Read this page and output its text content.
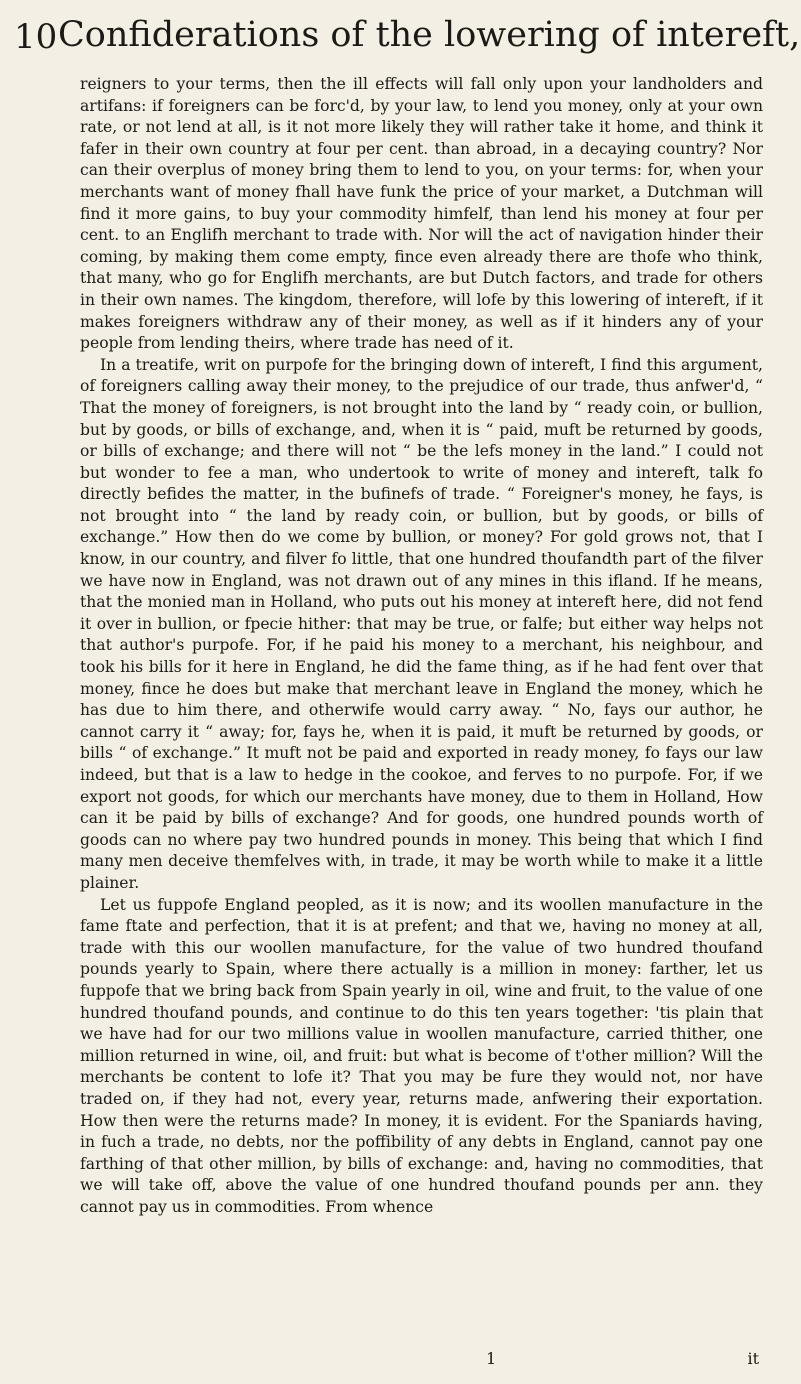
10 Confiderations of the lowering of intereft,

reigners to your terms, then the ill effects will fall only upon your landholders and artifans: if foreigners can be forc'd, by your law, to lend you money, only at your own rate, or not lend at all, is it not more likely they will rather take it home, and think it fafer in their own country at four per cent. than abroad, in a decaying country? Nor can their overplus of money bring them to lend to you, on your terms: for, when your merchants want of money fhall have funk the price of your market, a Dutchman will find it more gains, to buy your commodity himfelf, than lend his money at four per cent. to an Englifh merchant to trade with. Nor will the act of navigation hinder their coming, by making them come empty, fince even already there are thofe who think, that many, who go for Englifh merchants, are but Dutch factors, and trade for others in their own names. The kingdom, therefore, will lofe by this lowering of intereft, if it makes foreigners withdraw any of their money, as well as if it hinders any of your people from lending theirs, where trade has need of it.

In a treatife, writ on purpofe for the bringing down of intereft, I find this argument, of foreigners calling away their money, to the prejudice of our trade, thus anfwer'd, “ That the money of foreigners, is not brought into the land by “ ready coin, or bullion, but by goods, or bills of exchange, and, when it is “ paid, muft be returned by goods, or bills of exchange; and there will not “ be the lefs money in the land.” I could not but wonder to fee a man, who undertook to write of money and intereft, talk fo directly befides the matter, in the bufinefs of trade. “ Foreigner's money, he fays, is not brought into “ the land by ready coin, or bullion, but by goods, or bills of exchange.” How then do we come by bullion, or money? For gold grows not, that I know, in our country, and filver fo little, that one hundred thoufandth part of the filver we have now in England, was not drawn out of any mines in this ifland. If he means, that the monied man in Holland, who puts out his money at intereft here, did not fend it over in bullion, or fpecie hither: that may be true, or falfe; but either way helps not that author's purpofe. For, if he paid his money to a merchant, his neighbour, and took his bills for it here in England, he did the fame thing, as if he had fent over that money, fince he does but make that merchant leave in England the money, which he has due to him there, and otherwife would carry away. “ No, fays our author, he cannot carry it “ away; for, fays he, when it is paid, it muft be returned by goods, or bills “ of exchange.” It muft not be paid and exported in ready money, fo fays our law indeed, but that is a law to hedge in the cookoe, and ferves to no purpofe. For, if we export not goods, for which our merchants have money, due to them in Holland, How can it be paid by bills of exchange? And for goods, one hundred pounds worth of goods can no where pay two hundred pounds in money. This being that which I find many men deceive themfelves with, in trade, it may be worth while to make it a little plainer.

Let us fuppofe England peopled, as it is now; and its woollen manufacture in the fame ftate and perfection, that it is at prefent; and that we, having no money at all, trade with this our woollen manufacture, for the value of two hundred thoufand pounds yearly to Spain, where there actually is a million in money: farther, let us fuppofe that we bring back from Spain yearly in oil, wine and fruit, to the value of one hundred thoufand pounds, and continue to do this ten years together: 'tis plain that we have had for our two millions value in woollen manufacture, carried thither, one million returned in wine, oil, and fruit: but what is become of t'other million? Will the merchants be content to lofe it? That you may be fure they would not, nor have traded on, if they had not, every year, returns made, anfwering their exportation. How then were the returns made? In money, it is evident. For the Spaniards having, in fuch a trade, no debts, nor the poffibility of any debts in England, cannot pay one farthing of that other million, by bills of exchange: and, having no commodities, that we will take off, above the value of one hundred thoufand pounds per ann. they cannot pay us in commodities. From whence

1	it
